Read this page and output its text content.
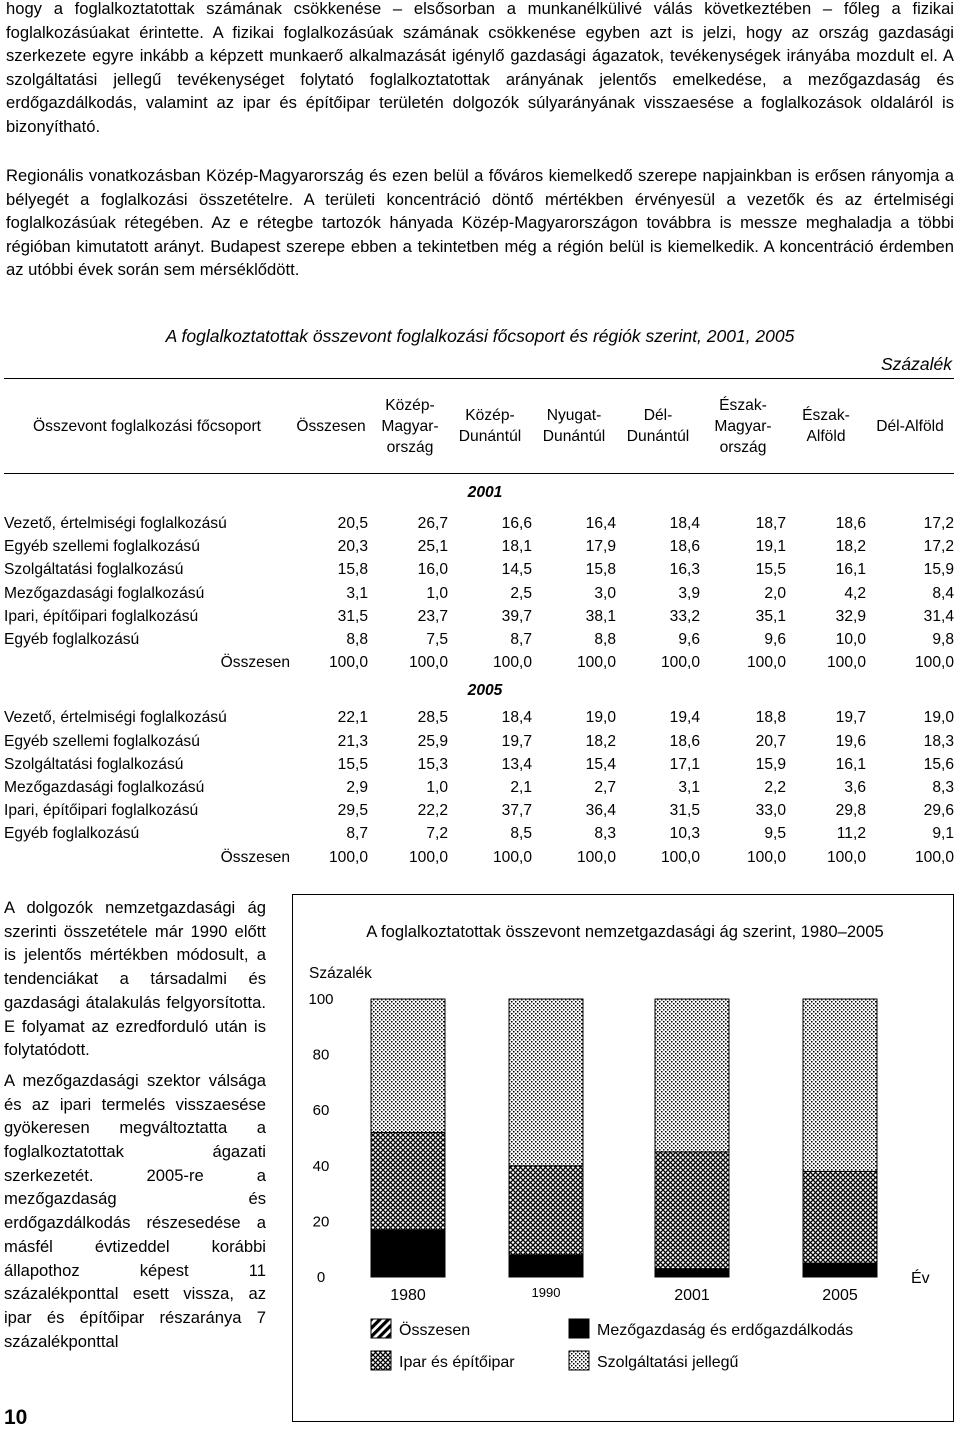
hogy a foglalkoztatottak számának csökkenése – elsősorban a munkanélkülivé válás következtében – főleg a fizikai foglalkozásúakat érintette. A fizikai foglalkozásúak számának csökkenése egyben azt is jelzi, hogy az ország gazdasági szerkezete egyre inkább a képzett munkaerő alkalmazását igénylő gazdasági ágazatok, tevékenységek irányába mozdult el. A szolgáltatási jellegű tevékenységet folytató foglalkoztatottak arányának jelentős emelkedése, a mezőgazdaság és erdőgazdálkodás, valamint az ipar és építőipar területén dolgozók súlyarányának visszaesése a foglalkozások oldaláról is bizonyítható.
Regionális vonatkozásban Közép-Magyarország és ezen belül a főváros kiemelkedő szerepe napjainkban is erősen rányomja a bélyegét a foglalkozási összetételre. A területi koncentráció döntő mértékben érvényesül a vezetők és az értelmiségi foglalkozásúak rétegében. Az e rétegbe tartozók hányada Közép-Magyarországon továbbra is messze meghaladja a többi régióban kimutatott arányt. Budapest szerepe ebben a tekintetben még a régión belül is kiemelkedik. A koncentráció érdemben az utóbbi évek során sem mérséklődött.
A foglalkoztatottak összevont foglalkozási főcsoport és régiók szerint, 2001, 2005
Százalék
Összevont foglalkozási főcsoport	Összesen	Közép-Magyar-ország	Közép-Dunántúl	Nyugat-Dunántúl	Dél-Dunántúl	Észak-Magyar-ország	Észak-Alföld	Dél-Alföld
2001								
Vezető, értelmiségi foglalkozású	20,5	26,7	16,6	16,4	18,4	18,7	18,6	17,2
Egyéb szellemi foglalkozású	20,3	25,1	18,1	17,9	18,6	19,1	18,2	17,2
Szolgáltatási foglalkozású	15,8	16,0	14,5	15,8	16,3	15,5	16,1	15,9
Mezőgazdasági foglalkozású	3,1	1,0	2,5	3,0	3,9	2,0	4,2	8,4
Ipari, építőipari foglalkozású	31,5	23,7	39,7	38,1	33,2	35,1	32,9	31,4
Egyéb foglalkozású	8,8	7,5	8,7	8,8	9,6	9,6	10,0	9,8
Összesen	100,0	100,0	100,0	100,0	100,0	100,0	100,0	100,0
2005								
Vezető, értelmiségi foglalkozású	22,1	28,5	18,4	19,0	19,4	18,8	19,7	19,0
Egyéb szellemi foglalkozású	21,3	25,9	19,7	18,2	18,6	20,7	19,6	18,3
Szolgáltatási foglalkozású	15,5	15,3	13,4	15,4	17,1	15,9	16,1	15,6
Mezőgazdasági foglalkozású	2,9	1,0	2,1	2,7	3,1	2,2	3,6	8,3
Ipari, építőipari foglalkozású	29,5	22,2	37,7	36,4	31,5	33,0	29,8	29,6
Egyéb foglalkozású	8,7	7,2	8,5	8,3	10,3	9,5	11,2	9,1
Összesen	100,0	100,0	100,0	100,0	100,0	100,0	100,0	100,0

A dolgozók nemzetgazdasági ág szerinti összetétele már 1990 előtt is jelentős mértékben módosult, a tendenciákat a társadalmi és gazdasági átalakulás felgyorsította. E folyamat az ezredforduló után is folytatódott.

A mezőgazdasági szektor válsága és az ipari termelés visszaesése gyökeresen megváltoztatta a foglalkoztatottak ágazati szerkezetét. 2005-re a mezőgazdaság és erdőgazdálkodás részesedése a másfél évtizeddel korábbi állapothoz képest 11 százalékponttal esett vissza, az ipar és építőipar részaránya 7 százalékponttal

10
A foglalkoztatottak összevont nemzetgazdasági ág szerint, 1980–2005
Százalék
Év
0
20
40
60
80
100
1980	1990	2001	2005
Összesen	Mezőgazdaság és erdőgazdálkodás
Ipar és építőipar	Szolgáltatási jellegű
